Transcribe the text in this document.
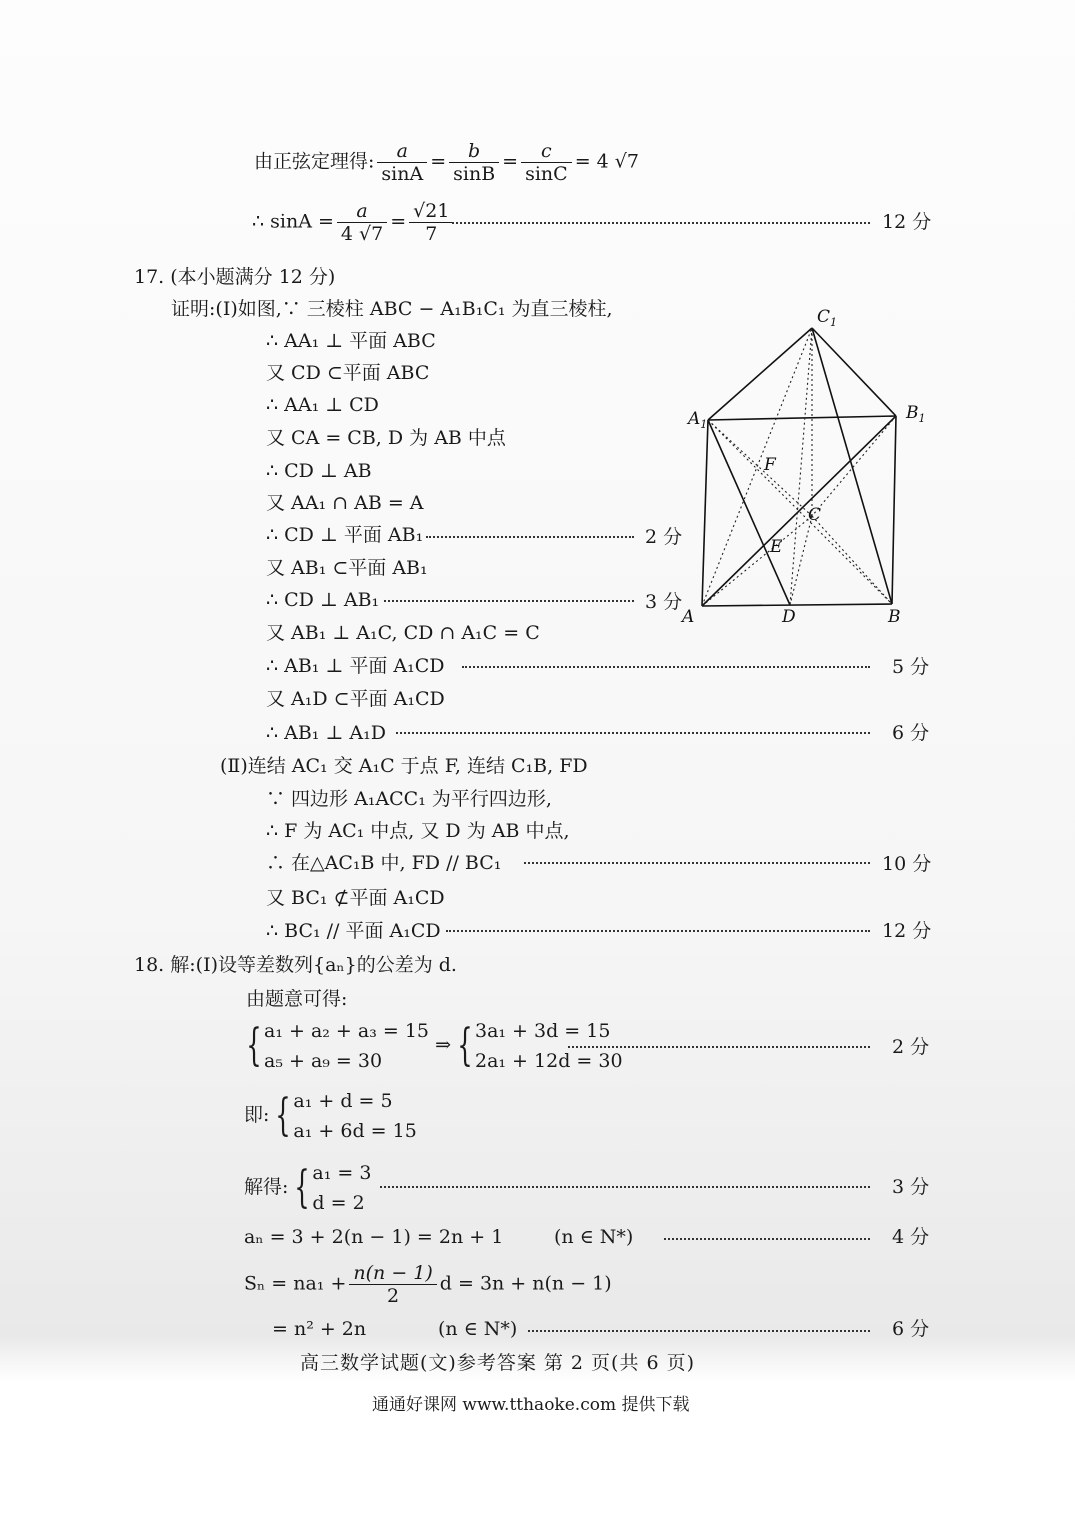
由正弦定理得: $\frac{a}{\sin A} = \frac{b}{\sin B} = \frac{c}{\sin C} = 4$ √7
∴ $\sin A = \frac{a}{4 √7} = \frac{√21}{7}$	12 分
17. (本小题满分 12 分)
证明:(Ⅰ)如图,∵ 三棱柱 ABC − A₁B₁C₁ 为直三棱柱,
∴ AA₁ ⊥ 平面 ABC
又 CD ⊂平面 ABC
∴ AA₁ ⊥ CD
又 CA = CB, D 为 AB 中点
∴ CD ⊥ AB
又 AA₁ ∩ AB = A
∴ CD ⊥ 平面 AB₁	2 分
又 AB₁ ⊂平面 AB₁
∴ CD ⊥ AB₁	3 分
又 AB₁ ⊥ A₁C, CD ∩ A₁C = C
∴ AB₁ ⊥ 平面 A₁CD	5 分
又 A₁D ⊂平面 A₁CD
∴ AB₁ ⊥ A₁D	6 分
(Ⅱ)连结 AC₁ 交 A₁C 于点 F, 连结 C₁B, FD
∵ 四边形 A₁ACC₁ 为平行四边形,
∴ F 为 AC₁ 中点, 又 D 为 AB 中点,
∴ 在△AC₁B 中, FD // BC₁	10 分
又 BC₁ ⊄平面 A₁CD
∴ BC₁ // 平面 A₁CD	12 分
$C_1$
$A_1$
$B_1$
F
C
E
A	D	B
18. 解:(Ⅰ)设等差数列{aₙ}的公差为 d.
由题意可得:
{ a₁ + a₂ + a₃ = 15
a₅ + a₉ = 30 ⇒ { 3a₁ + 3d = 15
2a₁ + 12d = 30
2 分
即: { a₁ + d = 5
a₁ + 6d = 15
解得: { a₁ = 3
d = 2
3 分
aₙ = 3 + 2(n − 1) = 2n + 1	(n ∈ N*)	4 分
$S_n = na_1 + \frac{n(n - 1)}{2}$ d = 3n + n(n − 1)
= n² + 2n	(n ∈ N*)	6 分
高三数学试题(文)参考答案 第 2 页(共 6 页)
通通好课网 www.tthaoke.com 提供下载
